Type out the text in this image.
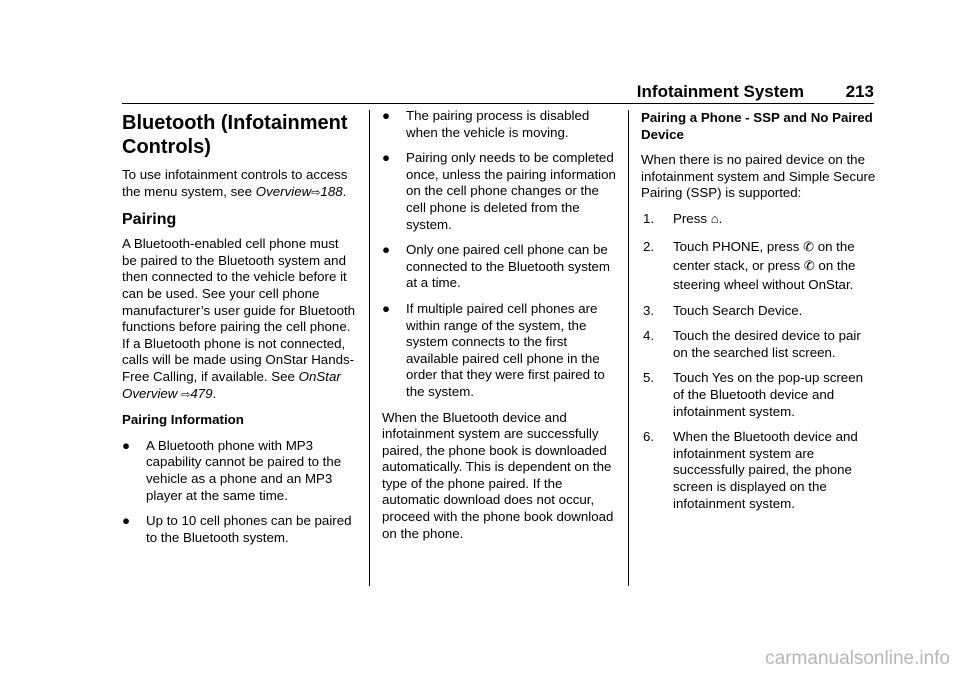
Infotainment System 213
Bluetooth (Infotainment Controls)

To use infotainment controls to access the menu system, see Overview⇨188.

Pairing

A Bluetooth-enabled cell phone must be paired to the Bluetooth system and then connected to the vehicle before it can be used. See your cell phone manufacturer’s user guide for Bluetooth functions before pairing the cell phone. If a Bluetooth phone is not connected, calls will be made using OnStar Hands-Free Calling, if available. See OnStar Overview ⇨479.

Pairing Information
● A Bluetooth phone with MP3 capability cannot be paired to the vehicle as a phone and an MP3 player at the same time.
● Up to 10 cell phones can be paired to the Bluetooth system.
● The pairing process is disabled when the vehicle is moving.
● Pairing only needs to be completed once, unless the pairing information on the cell phone changes or the cell phone is deleted from the system.
● Only one paired cell phone can be connected to the Bluetooth system at a time.
● If multiple paired cell phones are within range of the system, the system connects to the first available paired cell phone in the order that they were first paired to the system.

When the Bluetooth device and infotainment system are successfully paired, the phone book is downloaded automatically. This is dependent on the type of the phone paired. If the automatic download does not occur, proceed with the phone book download on the phone.

Pairing a Phone - SSP and No Paired Device

When there is no paired device on the infotainment system and Simple Secure Pairing (SSP) is supported:

1. Press ⌂.
2. Touch PHONE, press ✆ on the center stack, or press ✆ on the steering wheel without OnStar.
3. Touch Search Device.
4. Touch the desired device to pair on the searched list screen.
5. Touch Yes on the pop-up screen of the Bluetooth device and infotainment system.
6. When the Bluetooth device and infotainment system are successfully paired, the phone screen is displayed on the infotainment system.
carmanualsonline.info
